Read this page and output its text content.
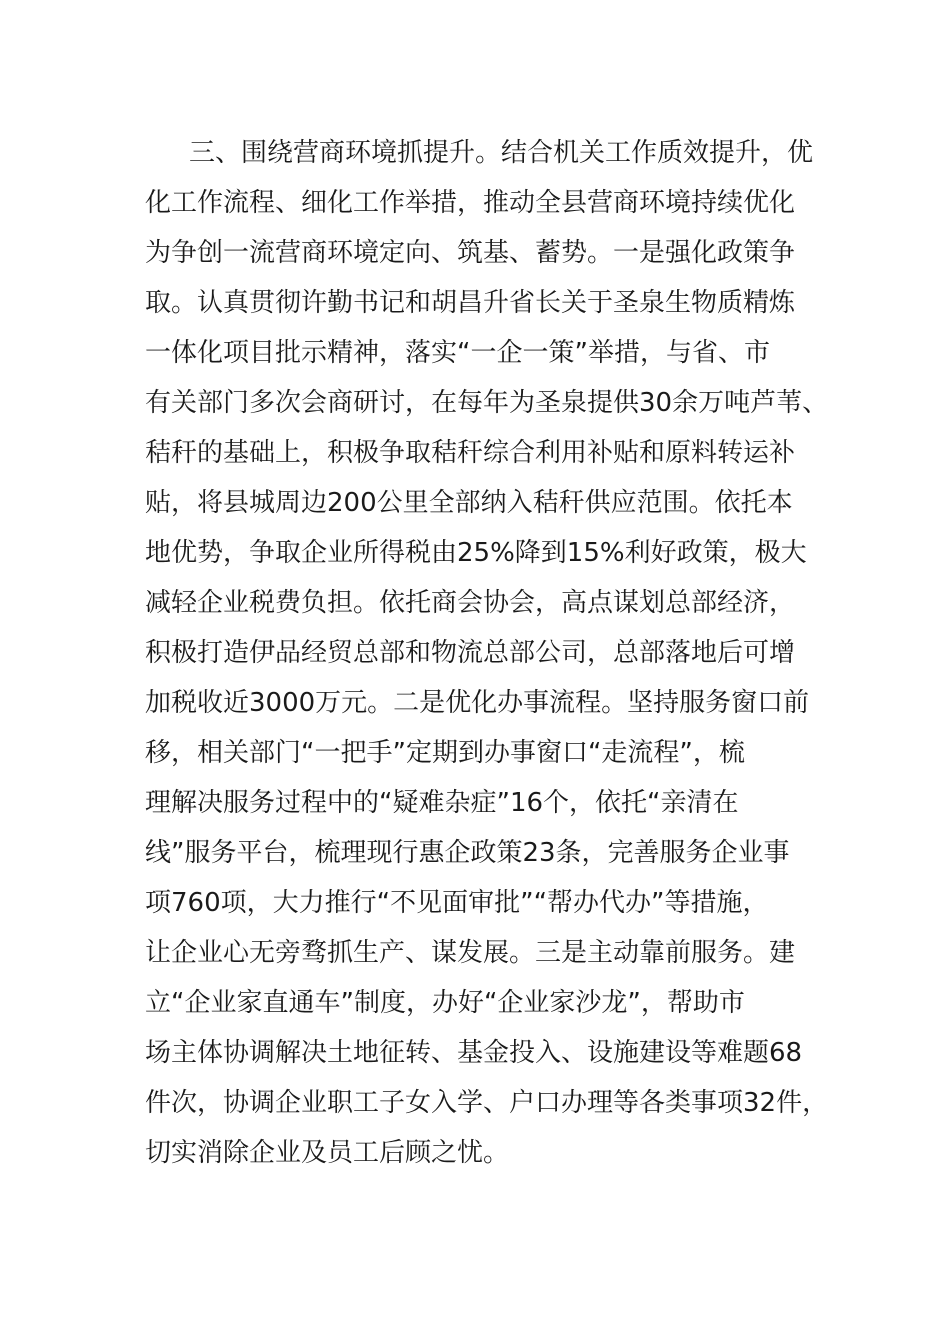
三、围绕营商环境抓提升。结合机关工作质效提升，优
化工作流程、细化工作举措，推动全县营商环境持续优化
为争创一流营商环境定向、筑基、蓄势。一是强化政策争
取。认真贯彻许勤书记和胡昌升省长关于圣泉生物质精炼
一体化项目批示精神，落实“一企一策”举措，与省、市
有关部门多次会商研讨，在每年为圣泉提供30余万吨芦苇、
秸秆的基础上，积极争取秸秆综合利用补贴和原料转运补
贴，将县城周边200公里全部纳入秸秆供应范围。依托本
地优势，争取企业所得税由25%降到15%利好政策，极大
减轻企业税费负担。依托商会协会，高点谋划总部经济，
积极打造伊品经贸总部和物流总部公司，总部落地后可增
加税收近3000万元。二是优化办事流程。坚持服务窗口前
移，相关部门“一把手”定期到办事窗口“走流程”，梳
理解决服务过程中的“疑难杂症”16个，依托“亲清在
线”服务平台，梳理现行惠企政策23条，完善服务企业事
项760项，大力推行“不见面审批”“帮办代办”等措施，
让企业心无旁骛抓生产、谋发展。三是主动靠前服务。建
立“企业家直通车”制度，办好“企业家沙龙”，帮助市
场主体协调解决土地征转、基金投入、设施建设等难题68
件次，协调企业职工子女入学、户口办理等各类事项32件，
切实消除企业及员工后顾之忧。
